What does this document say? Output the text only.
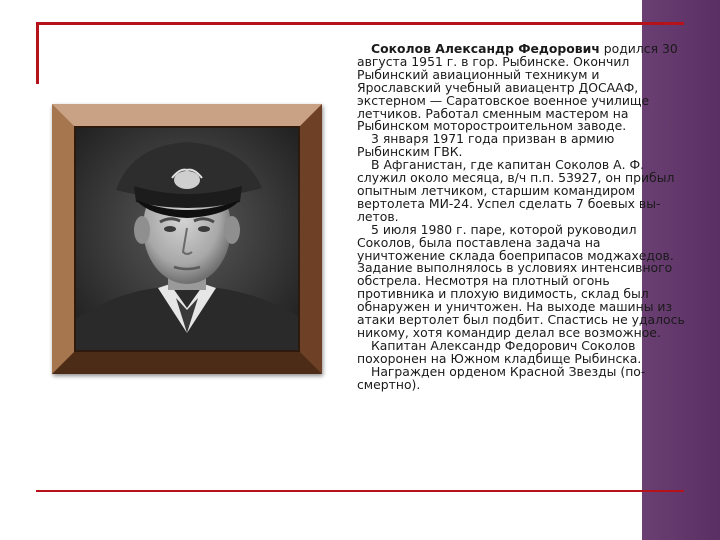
Соколов Александр Федорович родился 30 августа 1951 г. в гор. Рыбинске. Окончил Рыбинский авиационный техникум и Ярославский учебный авиацентр ДОСААФ, экстерном — Саратовское военное училище летчиков. Работал сменным мастером на Рыбинском моторостроительном заводе.

3 января 1971 года призван в армию Рыбинским ГВК.

В Афганистан, где капитан Соколов А. Ф. служил около месяца, в/ч п.п. 53927, он прибыл опытным летчиком, старшим командиром вертолета МИ-24. Успел сделать 7 боевых вы-летов.

5 июля 1980 г. паре, которой руководил Соколов, была поставлена задача на уничтожение склада боеприпасов моджахедов. Задание выполнялось в условиях интенсивного обстрела. Несмотря на плотный огонь противника и плохую видимость, склад был обнаружен и уничтожен. На выходе машины из атаки вертолет был подбит. Спастись не удалось никому, хотя командир делал все возможное.

Капитан Александр Федорович Соколов похоронен на Южном кладбище Рыбинска.

Награжден орденом Красной Звезды (по-смертно).
